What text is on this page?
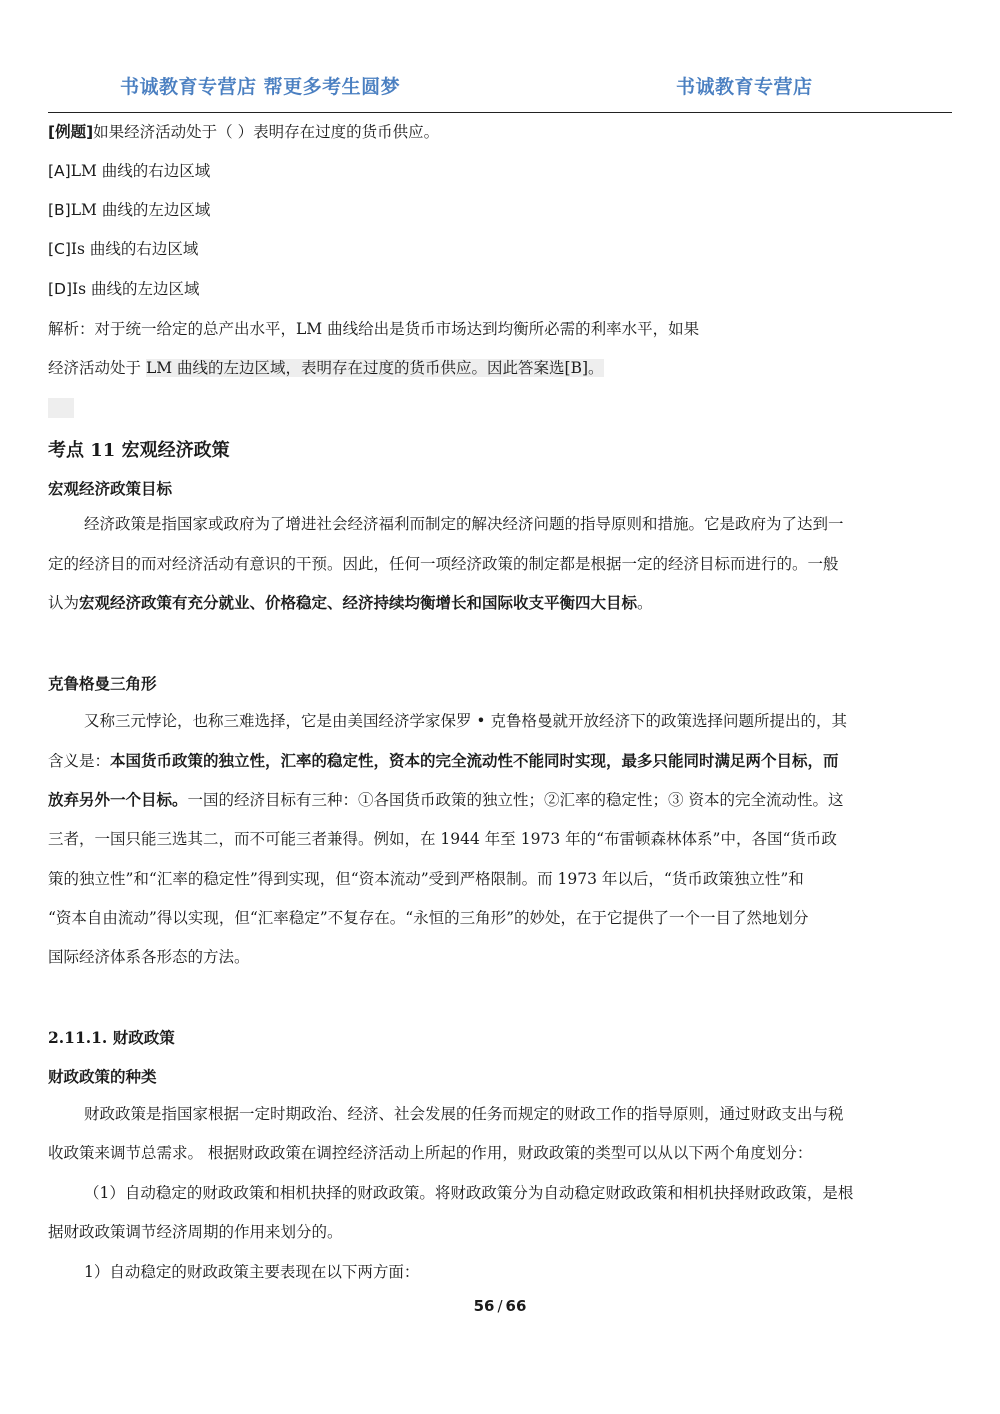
书诚教育专营店 帮更多考生圆梦	书诚教育专营店
[例题]如果经济活动处于（ ）表明存在过度的货币供应。
[A]LM 曲线的右边区域
[B]LM 曲线的左边区域
[C]Is 曲线的右边区域
[D]Is 曲线的左边区域
解析：对于统一给定的总产出水平，LM 曲线给出是货币市场达到均衡所必需的利率水平，如果
经济活动处于 LM 曲线的左边区域，表明存在过度的货币供应。因此答案选[B]。
考点 11 宏观经济政策
宏观经济政策目标
经济政策是指国家或政府为了增进社会经济福利而制定的解决经济问题的指导原则和措施。它是政府为了达到一
定的经济目的而对经济活动有意识的干预。因此，任何一项经济政策的制定都是根据一定的经济目标而进行的。一般
认为宏观经济政策有充分就业、价格稳定、经济持续均衡增长和国际收支平衡四大目标。
克鲁格曼三角形
又称三元悖论，也称三难选择，它是由美国经济学家保罗 • 克鲁格曼就开放经济下的政策选择问题所提出的，其
含义是：本国货币政策的独立性，汇率的稳定性，资本的完全流动性不能同时实现，最多只能同时满足两个目标，而
放弃另外一个目标。一国的经济目标有三种：①各国货币政策的独立性；②汇率的稳定性；③ 资本的完全流动性。这
三者，一国只能三选其二，而不可能三者兼得。例如，在 1944 年至 1973 年的“布雷顿森林体系”中，各国“货币政
策的独立性”和“汇率的稳定性”得到实现，但“资本流动”受到严格限制。而 1973 年以后，“货币政策独立性”和
“资本自由流动”得以实现，但“汇率稳定”不复存在。“永恒的三角形”的妙处，在于它提供了一个一目了然地划分
国际经济体系各形态的方法。
2.11.1. 财政政策
财政政策的种类
财政政策是指国家根据一定时期政治、经济、社会发展的任务而规定的财政工作的指导原则，通过财政支出与税
收政策来调节总需求。 根据财政政策在调控经济活动上所起的作用，财政政策的类型可以从以下两个角度划分：
（1）自动稳定的财政政策和相机抉择的财政政策。将财政政策分为自动稳定财政政策和相机抉择财政政策，是根
据财政政策调节经济周期的作用来划分的。
1）自动稳定的财政政策主要表现在以下两方面：
56 / 66
